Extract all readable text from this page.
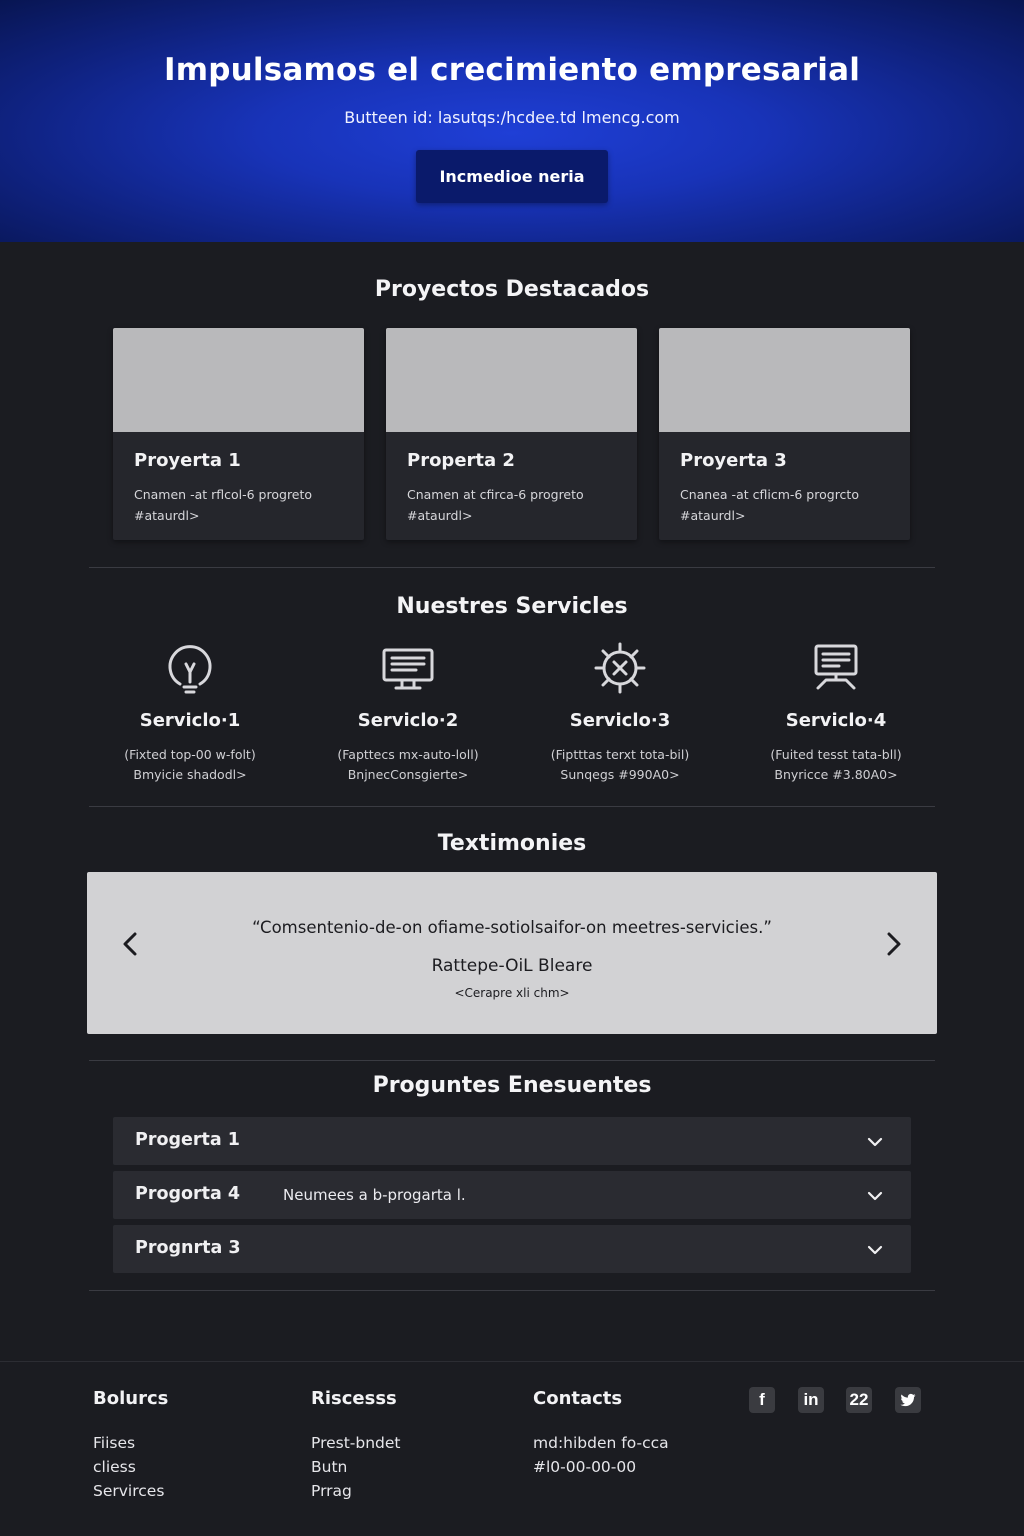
Impulsamos el crecimiento empresarial

Butteen id: lasutqs:/hcdee.td lmencg.com

Incmedioe neria
Proyectos Destacados
Proyerta 1
Cnamen -at rflcol-6 progreto #ataurdl>
Properta 2
Cnamen at cfirca-6 progreto #ataurdl>
Proyerta 3
Cnanea -at cflicm-6 progrcto #ataurdl>
Nuestres Servicles
Serviclo·1
(Fixted top-00 w-folt)
Bmyicie shadodl>
Serviclo·2
(Fapttecs mx-auto-loll)
BnjnecConsgierte>
Serviclo·3
(Fiptttas terxt tota-bil)
Sunqegs #990A0>
Serviclo·4
(Fuited tesst tata-bll)
Bnyricce #3.80A0>
Textimonies
“Comsentenio-de-on ofiame-sotiolsaifor-on meetres-servicies.”
Rattepe-OiL Bleare
<Cerapre xli chm>
Proguntes Enesuentes
Progerta 1
Progorta 4	Neumees a b-progarta l.
Prognrta 3
Bolurcs
Fiises
cliess
Servirces
Riscesss
Prest-bndet
Butn
Prrag
Contacts
md:hibden fo-cca
#l0-00-00-00
f	in	22
